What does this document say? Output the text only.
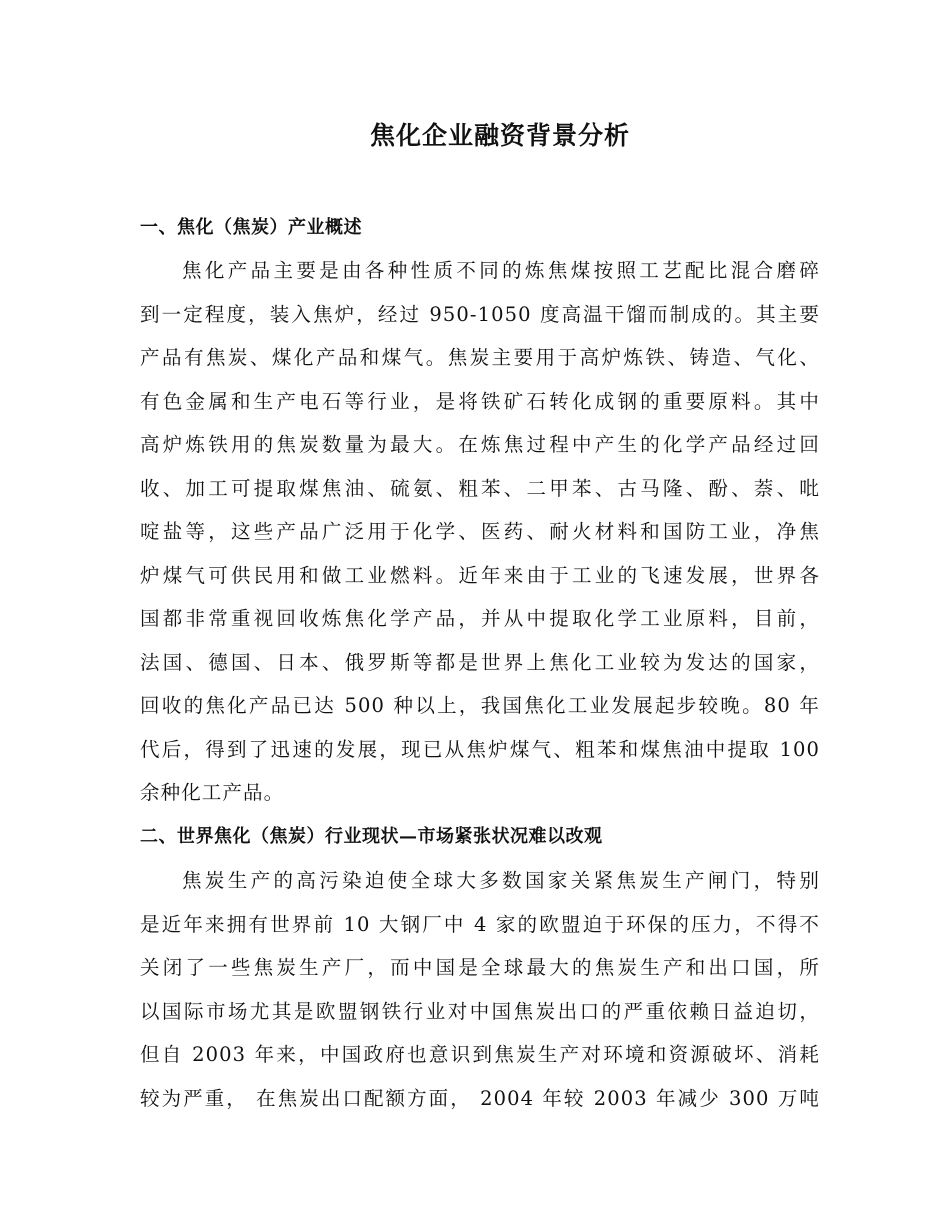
焦化企业融资背景分析
一、焦化（焦炭）产业概述
焦化产品主要是由各种性质不同的炼焦煤按照工艺配比混合磨碎
到一定程度，装入焦炉，经过 950-1050 度高温干馏而制成的。其主要
产品有焦炭、煤化产品和煤气。焦炭主要用于高炉炼铁、铸造、气化、
有色金属和生产电石等行业，是将铁矿石转化成钢的重要原料。其中
高炉炼铁用的焦炭数量为最大。在炼焦过程中产生的化学产品经过回
收、加工可提取煤焦油、硫氨、粗苯、二甲苯、古马隆、酚、萘、吡
啶盐等，这些产品广泛用于化学、医药、耐火材料和国防工业，净焦
炉煤气可供民用和做工业燃料。近年来由于工业的飞速发展，世界各
国都非常重视回收炼焦化学产品，并从中提取化学工业原料，目前，
法国、德国、日本、俄罗斯等都是世界上焦化工业较为发达的国家，
回收的焦化产品已达 500 种以上，我国焦化工业发展起步较晚。80 年
代后，得到了迅速的发展，现已从焦炉煤气、粗苯和煤焦油中提取 100
余种化工产品。
二、世界焦化（焦炭）行业现状—市场紧张状况难以改观
焦炭生产的高污染迫使全球大多数国家关紧焦炭生产闸门，特别
是近年来拥有世界前 10 大钢厂中 4 家的欧盟迫于环保的压力，不得不
关闭了一些焦炭生产厂，而中国是全球最大的焦炭生产和出口国，所
以国际市场尤其是欧盟钢铁行业对中国焦炭出口的严重依赖日益迫切，
但自 2003 年来，中国政府也意识到焦炭生产对环境和资源破坏、消耗
较为严重， 在焦炭出口配额方面， 2004 年较 2003 年减少 300 万吨
